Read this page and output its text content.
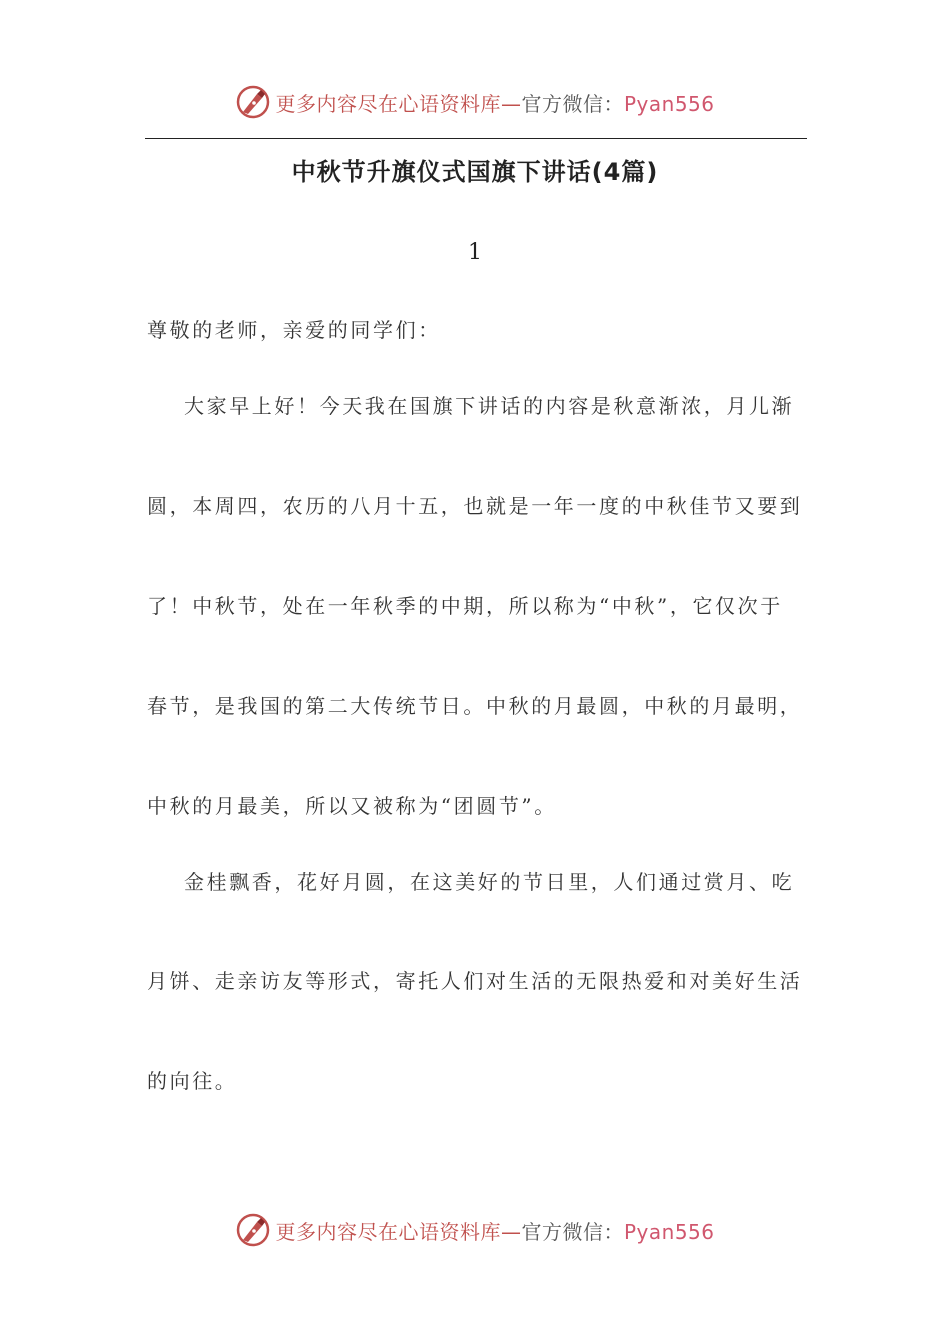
更多内容尽在心语资料库—官方微信：Pyan556
中秋节升旗仪式国旗下讲话(4篇)
1
尊敬的老师，亲爱的同学们：
大家早上好！今天我在国旗下讲话的内容是秋意渐浓，月儿渐
圆，本周四，农历的八月十五，也就是一年一度的中秋佳节又要到
了！中秋节，处在一年秋季的中期，所以称为“中秋”，它仅次于
春节，是我国的第二大传统节日。中秋的月最圆，中秋的月最明，
中秋的月最美，所以又被称为“团圆节”。
金桂飘香，花好月圆，在这美好的节日里，人们通过赏月、吃
月饼、走亲访友等形式，寄托人们对生活的无限热爱和对美好生活
的向往。
更多内容尽在心语资料库—官方微信：Pyan556
